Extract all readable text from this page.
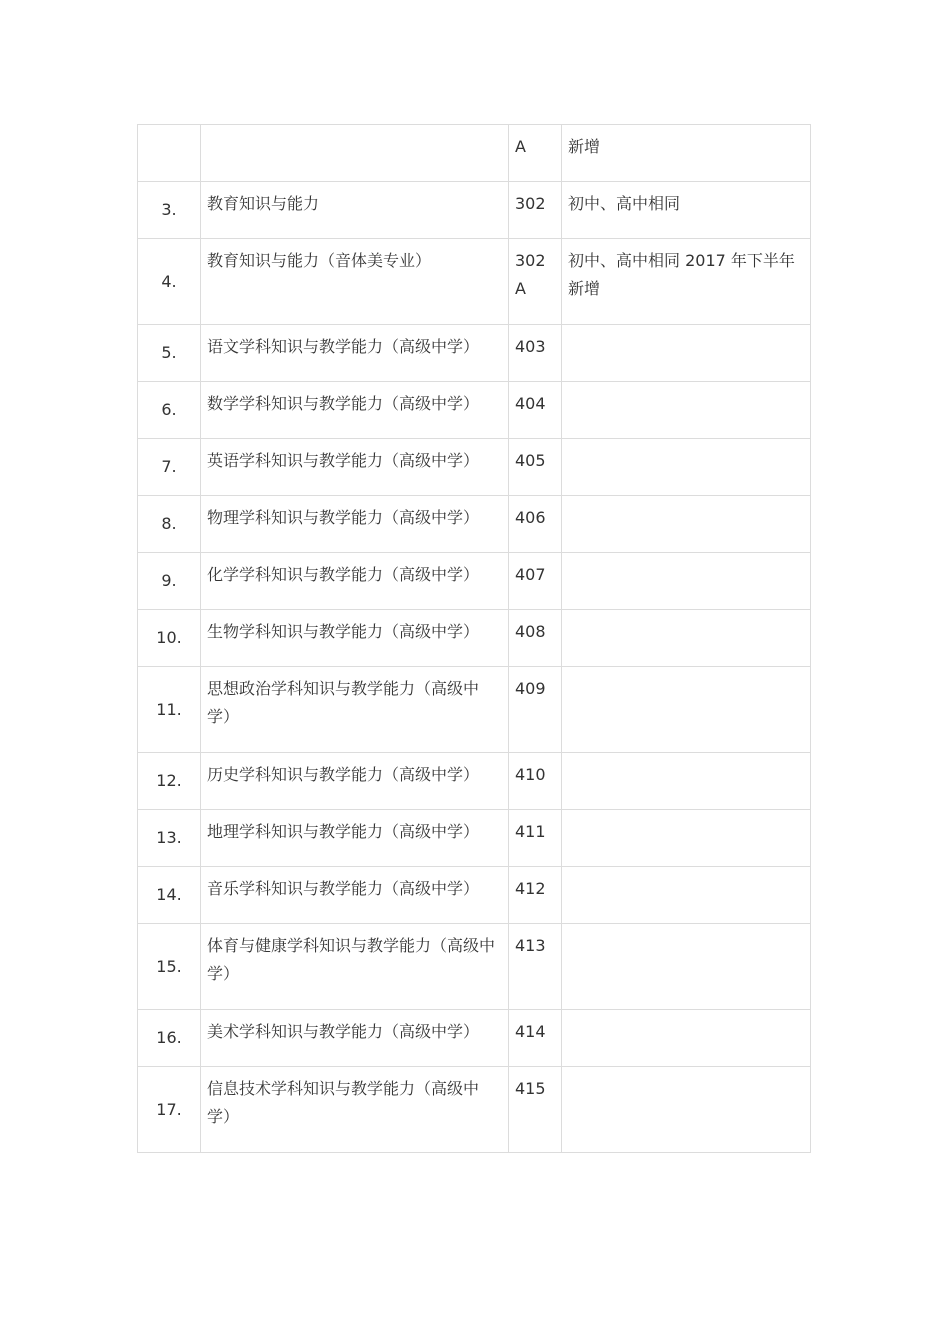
		A	新增
3.	教育知识与能力	302	初中、高中相同
4.	教育知识与能力（音体美专业）	302 A	初中、高中相同 2017 年下半年新增
5.	语文学科知识与教学能力（高级中学）	403	
6.	数学学科知识与教学能力（高级中学）	404	
7.	英语学科知识与教学能力（高级中学）	405	
8.	物理学科知识与教学能力（高级中学）	406	
9.	化学学科知识与教学能力（高级中学）	407	
10.	生物学科知识与教学能力（高级中学）	408	
11.	思想政治学科知识与教学能力（高级中学）	409	
12.	历史学科知识与教学能力（高级中学）	410	
13.	地理学科知识与教学能力（高级中学）	411	
14.	音乐学科知识与教学能力（高级中学）	412	
15.	体育与健康学科知识与教学能力（高级中学）	413	
16.	美术学科知识与教学能力（高级中学）	414	
17.	信息技术学科知识与教学能力（高级中学）	415	
